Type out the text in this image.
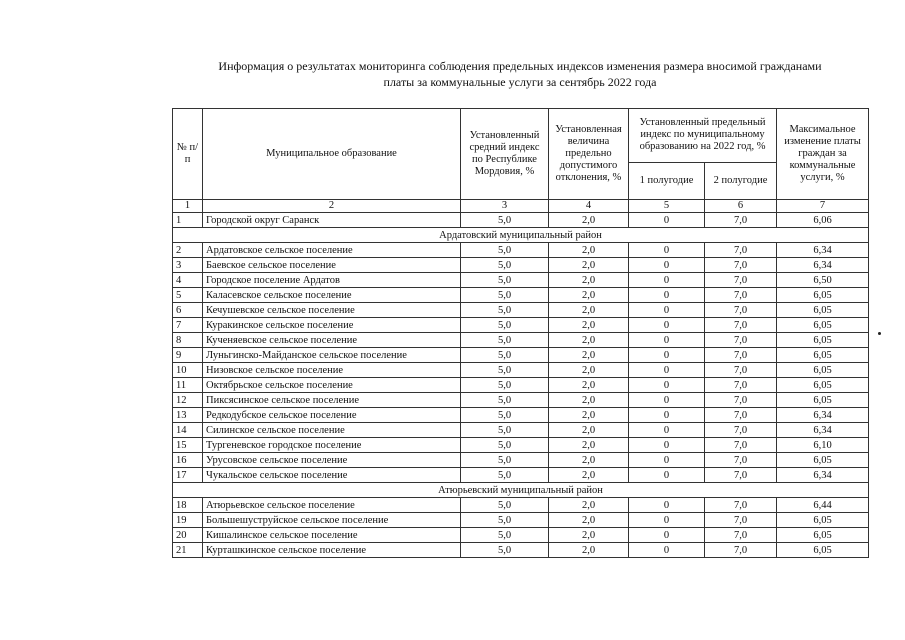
Информация о результатах мониторинга соблюдения предельных индексов изменения размера вносимой гражданами
платы за коммунальные услуги за сентябрь 2022 года
№ п/п	Муниципальное образование	Установленный средний индекс по Республике Мордовия, %	Установленная величина предельно допустимого отклонения, %	Установленный предельный индекс по муниципальному образованию на 2022 год, %		Максимальное изменение платы граждан за коммунальные услуги, %
				1 полугодие	2 полугодие	
1	2	3	4	5	6	7
1	Городской округ Саранск	5,0	2,0	0	7,0	6,06
Ардатовский муниципальный район						
2	Ардатовское сельское поселение	5,0	2,0	0	7,0	6,34
3	Баевское сельское поселение	5,0	2,0	0	7,0	6,34
4	Городское поселение Ардатов	5,0	2,0	0	7,0	6,50
5	Каласевское сельское поселение	5,0	2,0	0	7,0	6,05
6	Кечушевское сельское поселение	5,0	2,0	0	7,0	6,05
7	Куракинское сельское поселение	5,0	2,0	0	7,0	6,05
8	Кученяевское сельское поселение	5,0	2,0	0	7,0	6,05
9	Луньгинско-Майданское сельское поселение	5,0	2,0	0	7,0	6,05
10	Низовское сельское поселение	5,0	2,0	0	7,0	6,05
11	Октябрьское сельское поселение	5,0	2,0	0	7,0	6,05
12	Пиксясинское сельское поселение	5,0	2,0	0	7,0	6,05
13	Редкодубское сельское поселение	5,0	2,0	0	7,0	6,34
14	Силинское сельское поселение	5,0	2,0	0	7,0	6,34
15	Тургеневское городское поселение	5,0	2,0	0	7,0	6,10
16	Урусовское сельское поселение	5,0	2,0	0	7,0	6,05
17	Чукальское сельское поселение	5,0	2,0	0	7,0	6,34
Атюрьевский муниципальный район						
18	Атюрьевское сельское поселение	5,0	2,0	0	7,0	6,44
19	Большешуструйское сельское поселение	5,0	2,0	0	7,0	6,05
20	Кишалинское сельское поселение	5,0	2,0	0	7,0	6,05
21	Курташкинское сельское поселение	5,0	2,0	0	7,0	6,05
